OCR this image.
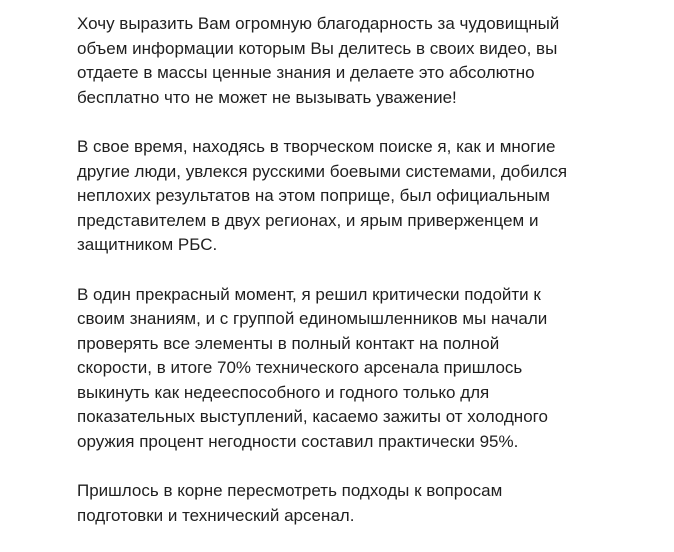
Хочу выразить Вам огромную благодарность за чудовищный
объем информации которым Вы делитесь в своих видео, вы
отдаете в массы ценные знания и делаете это абсолютно
бесплатно что не может не вызывать уважение!

В свое время, находясь в творческом поиске я, как и многие
другие люди, увлекся русскими боевыми системами, добился
неплохих результатов на этом поприще, был официальным
представителем в двух регионах, и ярым приверженцем и
защитником РБС.

В один прекрасный момент, я решил критически подойти к
своим знаниям, и с группой единомышленников мы начали
проверять все элементы в полный контакт на полной
скорости, в итоге 70% технического арсенала пришлось
выкинуть как недееспособного и годного только для
показательных выступлений, касаемо зажиты от холодного
оружия процент негодности составил практически 95%.

Пришлось в корне пересмотреть подходы к вопросам
подготовки и технический арсенал.
